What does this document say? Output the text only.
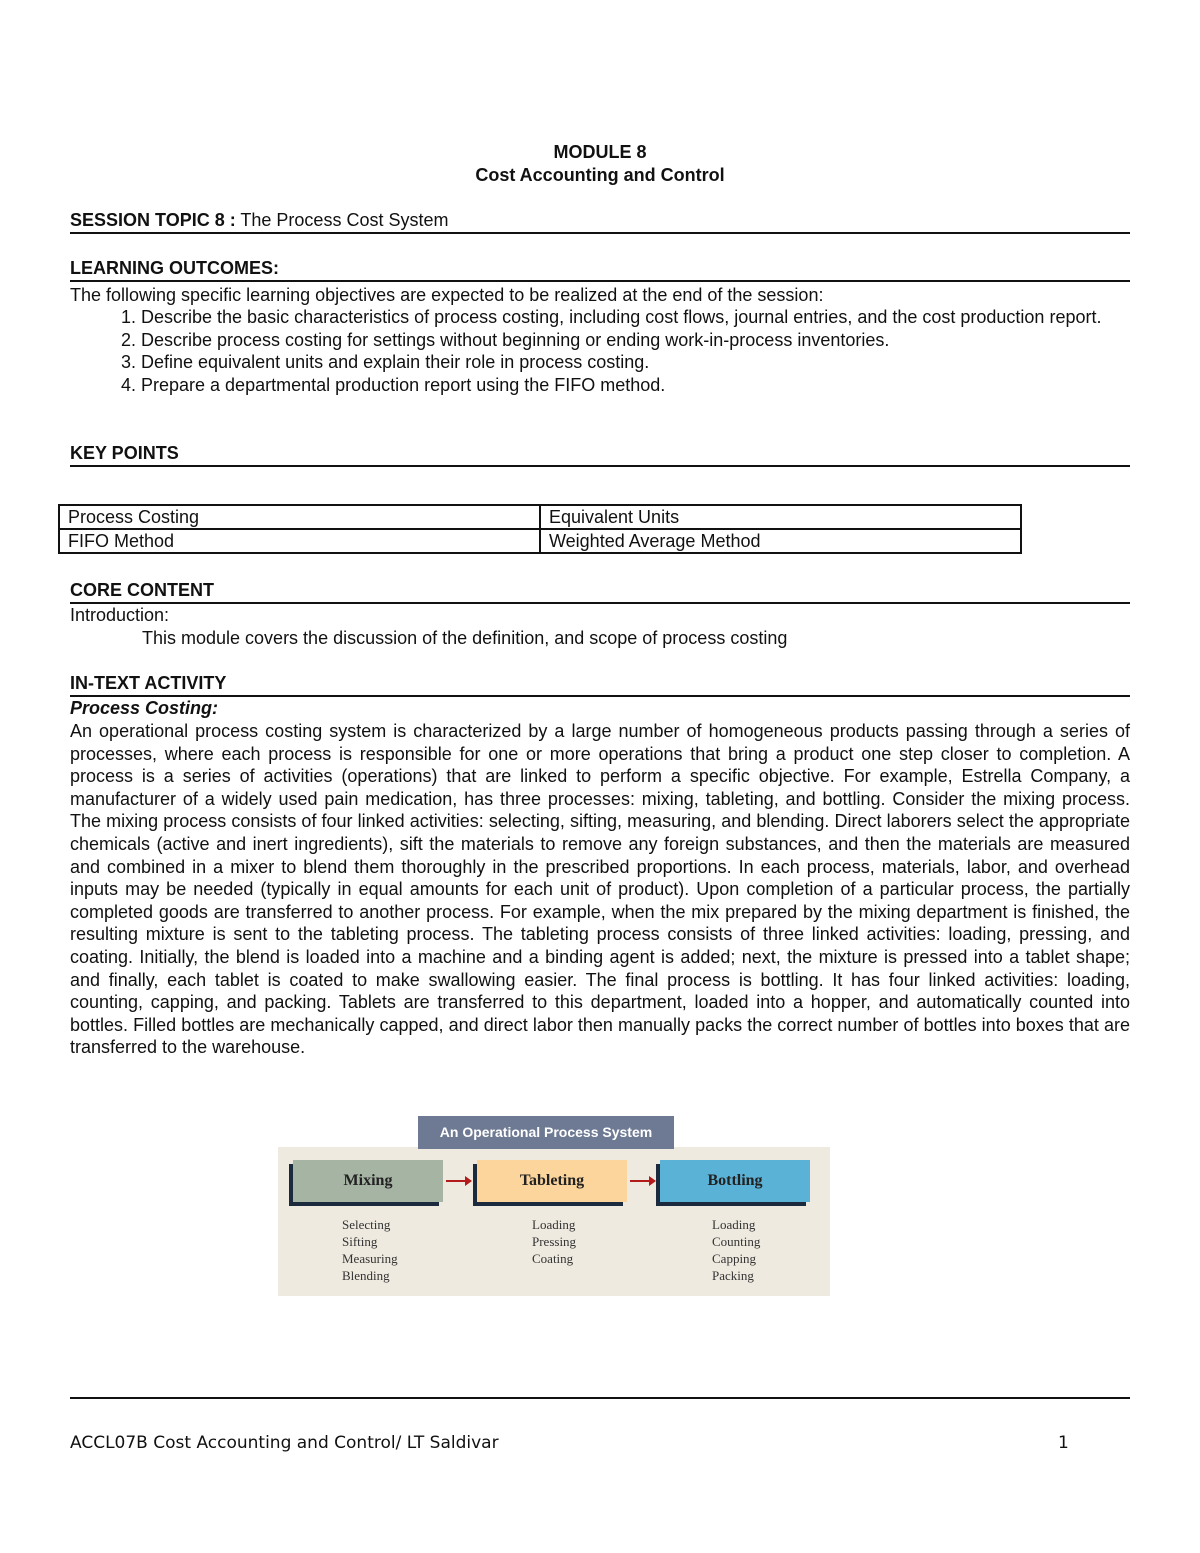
MODULE 8
Cost Accounting and Control
SESSION TOPIC 8 : The Process Cost System
LEARNING OUTCOMES:
The following specific learning objectives are expected to be realized at the end of the session:
1. Describe the basic characteristics of process costing, including cost flows, journal entries, and the cost production report.
2. Describe process costing for settings without beginning or ending work-in-process inventories.
3. Define equivalent units and explain their role in process costing.
4. Prepare a departmental production report using the FIFO method.
KEY POINTS
Process Costing	Equivalent Units
FIFO Method	Weighted Average Method
CORE CONTENT
Introduction:
This module covers the discussion of the definition, and scope of process costing
IN-TEXT ACTIVITY
Process Costing:
An operational process costing system is characterized by a large number of homogeneous products passing through a series of processes, where each process is responsible for one or more operations that bring a product one step closer to completion. A process is a series of activities (operations) that are linked to perform a specific objective. For example, Estrella Company, a manufacturer of a widely used pain medication, has three processes: mixing, tableting, and bottling. Consider the mixing process. The mixing process consists of four linked activities: selecting, sifting, measuring, and blending. Direct laborers select the appropriate chemicals (active and inert ingredients), sift the materials to remove any foreign substances, and then the materials are measured and combined in a mixer to blend them thoroughly in the prescribed proportions. In each process, materials, labor, and overhead inputs may be needed (typically in equal amounts for each unit of product). Upon completion of a particular process, the partially completed goods are transferred to another process. For example, when the mix prepared by the mixing department is finished, the resulting mixture is sent to the tableting process. The tableting process consists of three linked activities: loading, pressing, and coating. Initially, the blend is loaded into a machine and a binding agent is added; next, the mixture is pressed into a tablet shape; and finally, each tablet is coated to make swallowing easier. The final process is bottling. It has four linked activities: loading, counting, capping, and packing. Tablets are transferred to this department, loaded into a hopper, and automatically counted into bottles. Filled bottles are mechanically capped, and direct labor then manually packs the correct number of bottles into boxes that are transferred to the warehouse.
An Operational Process System
Mixing	Tableting	Bottling
Selecting
Sifting
Measuring
Blending
Loading
Pressing
Coating
Loading
Counting
Capping
Packing
ACCL07B Cost Accounting and Control/ LT Saldivar	1
